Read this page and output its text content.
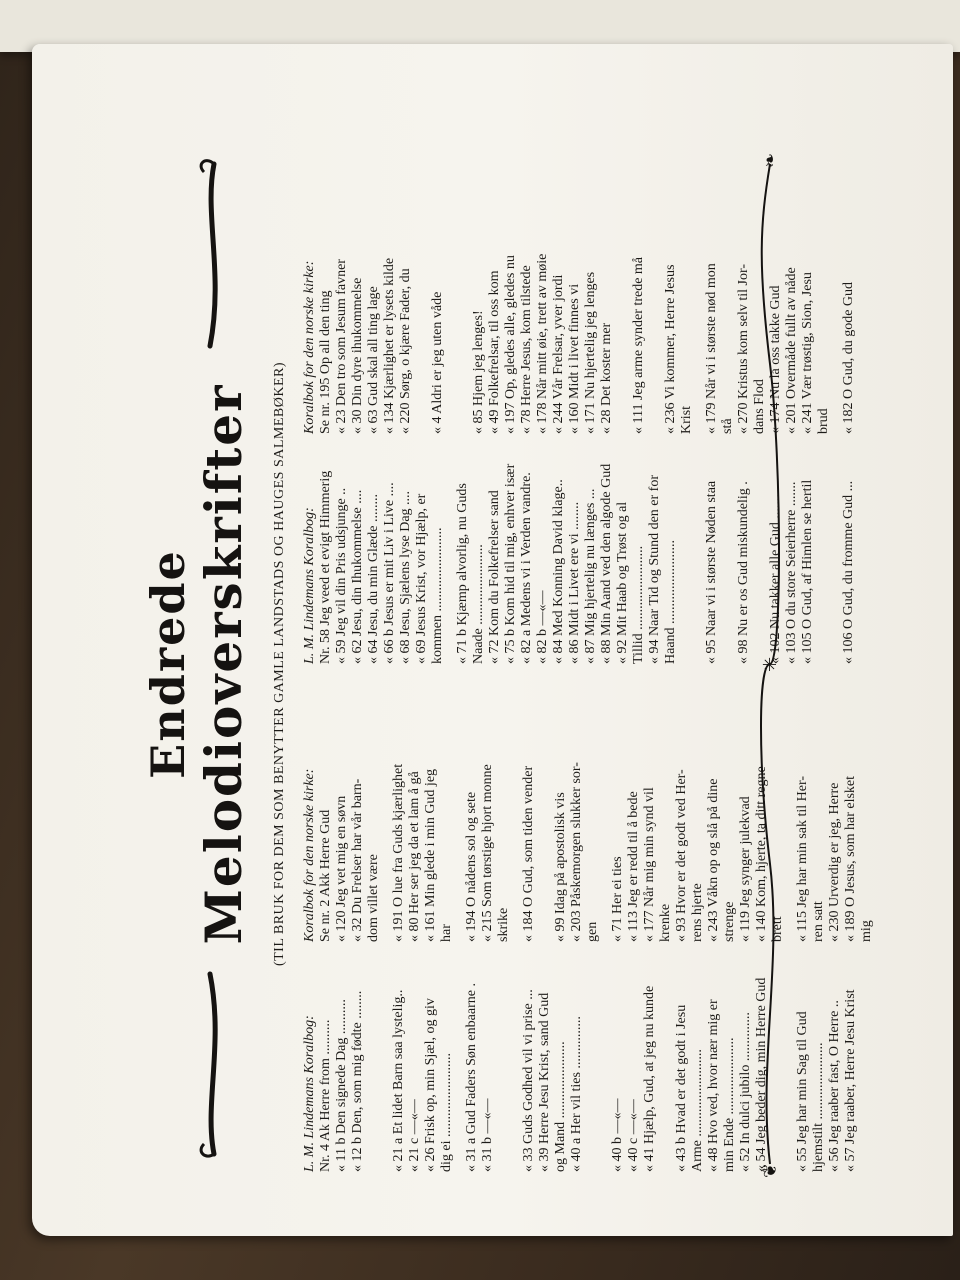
Endrede Melodioverskrifter (TIL BRUK FOR DEM SOM BENYTTER GAMLE LANDSTADS OG HAUGES SALMEBØKER)
L. M. Lindemans Koralbog:
Koralbok for den norske kirke:
Nr. 4 Ak Herre from ..........
Se nr. 2 Akk Herre Gud
« 11 b Den signede Dag ..........
« 120 Jeg vet mig en søvn
« 12 b Den, som mig fødte ........
« 32 Du Frelser har vår barn- dom villet være
« 21 a Et lidet Barn saa lystelig..
« 191 O lue fra Guds kjærlighet
« 21 c —«—
« 80 Her ser jeg da et lam å gå
« 26 Frisk op, min Sjæl, og giv
« 161 Min glede i min Gud jeg
dig ei ........................
har
« 31 a Gud Faders Søn enbaarne .
« 194 O nådens sol og sete
« 31 b —«—
« 215 Som tørstige hjort monne skrike
« 33 Guds Godhed vil vi prise ...
« 184 O Gud, som tiden vender
« 39 Herre Jesu Krist, sand Gud og Mand ......................
« 99 Idag på apostolisk vis
« 40 a Her vil ties ...............
« 203 Påskemorgen slukker sor- gen
« 40 b —«—
« 71 Her ei ties
« 40 c —«—
« 113 Jeg er redd til å bede
« 41 Hjælp, Gud, at jeg nu kunde
« 177 Når mig min synd vil krenke
« 43 b Hvad er det godt i Jesu
« 93 Hvor er det godt ved Her-
Arme .........................
rens hjerte
« 48 Hvo ved, hvor nær mig er
« 243 Våkn op og slå på dine
min Ende ......................
strenge
« 52 In dulci jubilo ..............
« 119 Jeg synger julekvad
« 54 Jeg beder dig, min Herre Gud
« 140 Kom, hjerte, ta ditt regne- brett
« 55 Jeg har min Sag til Gud
« 115 Jeg har min sak til Her-
hjemstilt ......................
ren satt
« 56 Jeg raaber fast, O Herre ..
« 230 Urverdig er jeg, Herre
« 57 Jeg raaber, Herre Jesu Krist
« 189 O Jesus, som har elsket mig
L. M. Lindemans Koralbog:
Koralbok for den norske kirke:
Nr. 58 Jeg veed et evigt Himmerig
Se nr. 195 Op all den ting
« 59 Jeg vil din Pris udsjunge ..
« 23 Den tro som Jesum favner
« 62 Jesu, din Ihukommelse ....
« 30 Din dyre ihukommelse
« 64 Jesu, du min Glæde ........
« 63 Gud skal all ting lage
« 66 b Jesus er mit Liv i Live ....
« 134 Kjærlighet er lysets kilde
« 68 Jesu, Sjælens lyse Dag ....
« 220 Sørg, o kjære Fader, du
« 69 Jesus Krist, vor Hjælp, er kommen ........................
« 4 Aldri er jeg uten våde
« 71 b Kjæmp alvorlig, nu Guds Naade .......................
« 85 Hjem jeg lenges!
« 72 Kom du Folkefrelser sand
« 49 Folkefrelsar, til oss kom
« 75 b Kom hid til mig, enhver især
« 197 Op, gledes alle, gledes nu
« 82 a Medens vi i Verden vandre.
« 78 Herre Jesus, kom tilstede
« 82 b —«—
« 178 Når mitt øie, trett av møie
« 84 Med Konning David klage..
« 244 Vår Frelsar, yver jordi
« 86 Midt i Livet ere vi ........
« 160 Midt i livet finnes vi
« 87 Mig hjertelig nu længes ...
« 171 Nu hjertelig jeg lenges
« 88 Min Aand ved den algode Gud
« 28 Det koster mer
« 92 Mit Haab og Trøst og al Tillid ........................
« 111 Jeg arme synder trede må
« 94 Naar Tid og Stund den er for Haand ........................
« 236 Vi kommer, Herre Jesus Krist
« 95 Naar vi i største Nøden staa
« 179 Når vi i største nød mon stå
« 98 Nu er os Gud miskundelig .
« 270 Kristus kom selv til Jor- dans Flod
« 102 Nu takker alle Gud .......
« 174 Nu la oss takke Gud
« 103 O du store Seierherre .......
« 201 Overmåde fullt av nåde
« 105 O Gud, af Himlen se hertil
« 241 Vær trøstig, Sion, Jesu brud
« 106 O Gud, du fromme Gud ...
« 182 O Gud, du gode Gud
❦
✳
❧
